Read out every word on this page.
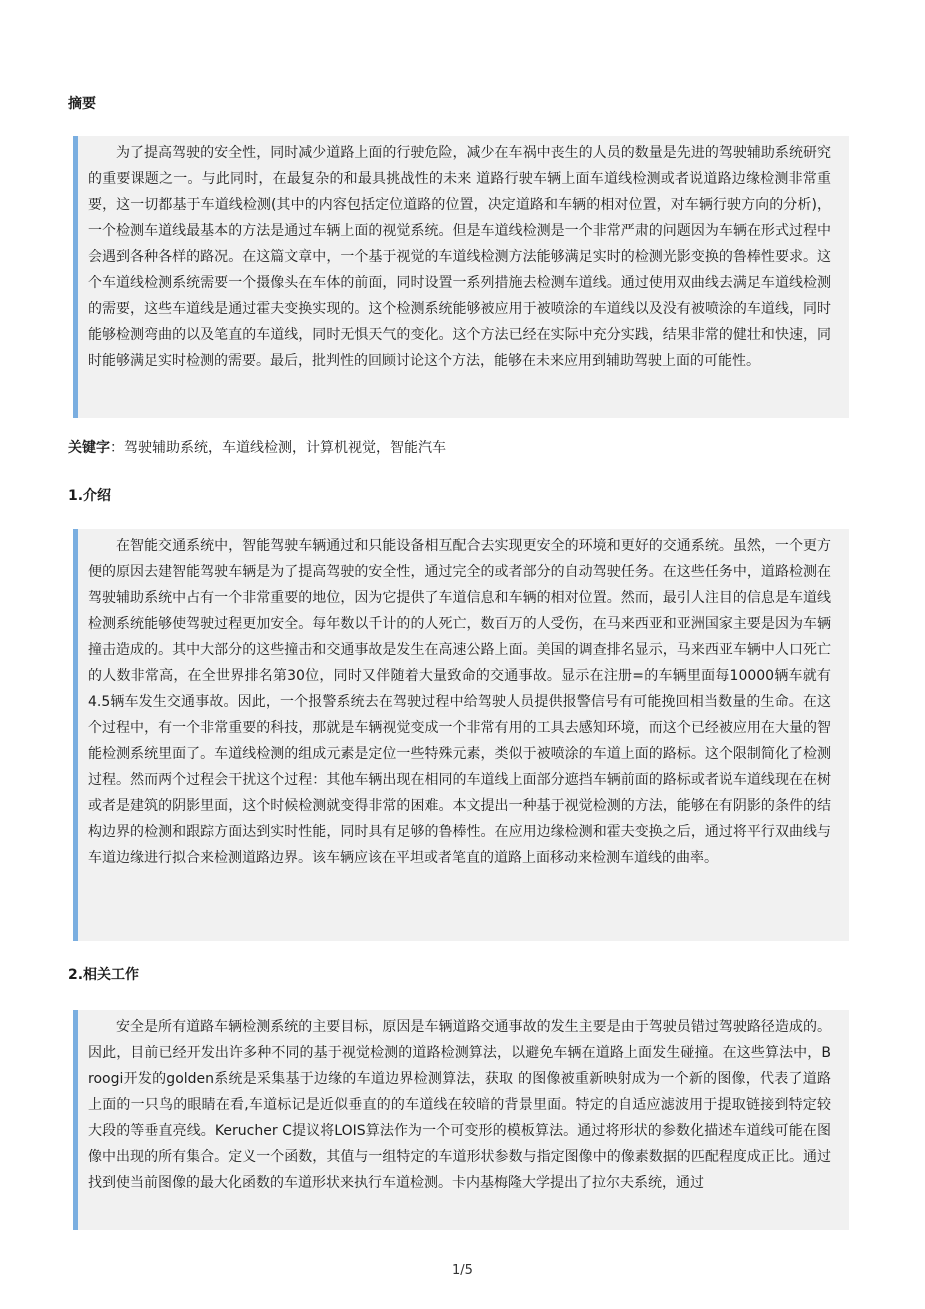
摘要

为了提高驾驶的安全性，同时减少道路上面的行驶危险，减少在车祸中丧生的人员的数量是先进的驾驶辅助系统研究的重要课题之一。与此同时，在最复杂的和最具挑战性的未来 道路行驶车辆上面车道线检测或者说道路边缘检测非常重要，这一切都基于车道线检测(其中的内容包括定位道路的位置，决定道路和车辆的相对位置，对车辆行驶方向的分析)，一个检测车道线最基本的方法是通过车辆上面的视觉系统。但是车道线检测是一个非常严肃的问题因为车辆在形式过程中会遇到各种各样的路况。在这篇文章中，一个基于视觉的车道线检测方法能够满足实时的检测光影变换的鲁棒性要求。这个车道线检测系统需要一个摄像头在车体的前面，同时设置一系列措施去检测车道线。通过使用双曲线去满足车道线检测的需要，这些车道线是通过霍夫变换实现的。这个检测系统能够被应用于被喷涂的车道线以及没有被喷涂的车道线，同时能够检测弯曲的以及笔直的车道线，同时无惧天气的变化。这个方法已经在实际中充分实践，结果非常的健壮和快速，同时能够满足实时检测的需要。最后，批判性的回顾讨论这个方法，能够在未来应用到辅助驾驶上面的可能性。

关键字：驾驶辅助系统，车道线检测，计算机视觉，智能汽车
1.介绍

在智能交通系统中，智能驾驶车辆通过和只能设备相互配合去实现更安全的环境和更好的交通系统。虽然，一个更方便的原因去建智能驾驶车辆是为了提高驾驶的安全性，通过完全的或者部分的自动驾驶任务。在这些任务中，道路检测在驾驶辅助系统中占有一个非常重要的地位，因为它提供了车道信息和车辆的相对位置。然而，最引人注目的信息是车道线检测系统能够使驾驶过程更加安全。每年数以千计的的人死亡，数百万的人受伤，在马来西亚和亚洲国家主要是因为车辆撞击造成的。其中大部分的这些撞击和交通事故是发生在高速公路上面。美国的调查排名显示，马来西亚车辆中人口死亡的人数非常高，在全世界排名第30位，同时又伴随着大量致命的交通事故。显示在注册=的车辆里面每10000辆车就有4.5辆车发生交通事故。因此，一个报警系统去在驾驶过程中给驾驶人员提供报警信号有可能挽回相当数量的生命。在这个过程中，有一个非常重要的科技，那就是车辆视觉变成一个非常有用的工具去感知环境，而这个已经被应用在大量的智能检测系统里面了。车道线检测的组成元素是定位一些特殊元素，类似于被喷涂的车道上面的路标。这个限制简化了检测过程。然而两个过程会干扰这个过程：其他车辆出现在相同的车道线上面部分遮挡车辆前面的路标或者说车道线现在在树或者是建筑的阴影里面，这个时候检测就变得非常的困难。本文提出一种基于视觉检测的方法，能够在有阴影的条件的结构边界的检测和跟踪方面达到实时性能，同时具有足够的鲁棒性。在应用边缘检测和霍夫变换之后，通过将平行双曲线与车道边缘进行拟合来检测道路边界。该车辆应该在平坦或者笔直的道路上面移动来检测车道线的曲率。

2.相关工作

安全是所有道路车辆检测系统的主要目标，原因是车辆道路交通事故的发生主要是由于驾驶员错过驾驶路径造成的。因此，目前已经开发出许多种不同的基于视觉检测的道路检测算法，以避免车辆在道路上面发生碰撞。在这些算法中，Broogi开发的golden系统是采集基于边缘的车道边界检测算法，获取 的图像被重新映射成为一个新的图像，代表了道路上面的一只鸟的眼睛在看,车道标记是近似垂直的的车道线在较暗的背景里面。特定的自适应滤波用于提取链接到特定较大段的等垂直亮线。Kerucher C提议将LOIS算法作为一个可变形的模板算法。通过将形状的参数化描述车道线可能在图像中出现的所有集合。定义一个函数，其值与一组特定的车道形状参数与指定图像中的像素数据的匹配程度成正比。通过找到使当前图像的最大化函数的车道形状来执行车道检测。卡内基梅隆大学提出了拉尔夫系统，通过

1/5
